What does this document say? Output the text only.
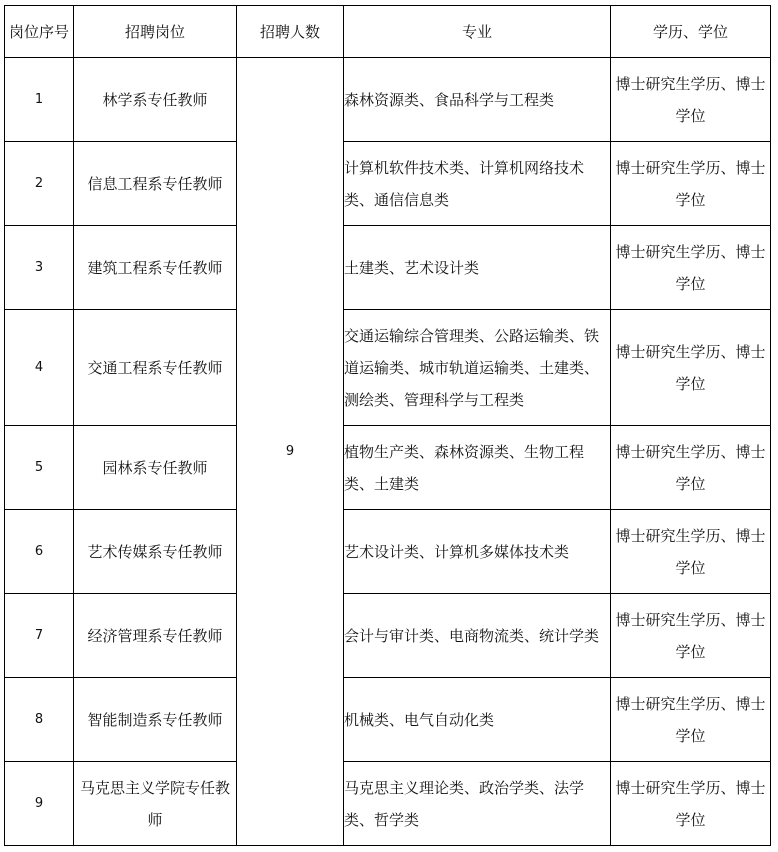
岗位序号	招聘岗位	招聘人数	专业	学历、学位
1	林学系专任教师	9	森林资源类、食品科学与工程类	博士研究生学历、博士学位

2	信息工程系专任教师		计算机软件技术类、计算机网络技术类、通信信息类	博士研究生学历、博士学位

3	建筑工程系专任教师		土建类、艺术设计类	博士研究生学历、博士学位

4	交通工程系专任教师		交通运输综合管理类、公路运输类、铁道运输类、城市轨道运输类、土建类、测绘类、管理科学与工程类	博士研究生学历、博士学位

5	园林系专任教师		植物生产类、森林资源类、生物工程类、土建类	博士研究生学历、博士学位

6	艺术传媒系专任教师		艺术设计类、计算机多媒体技术类	博士研究生学历、博士学位

7	经济管理系专任教师		会计与审计类、电商物流类、统计学类	博士研究生学历、博士学位

8	智能制造系专任教师		机械类、电气自动化类	博士研究生学历、博士学位

9	马克思主义学院专任教师		马克思主义理论类、政治学类、法学类、哲学类	博士研究生学历、博士学位
